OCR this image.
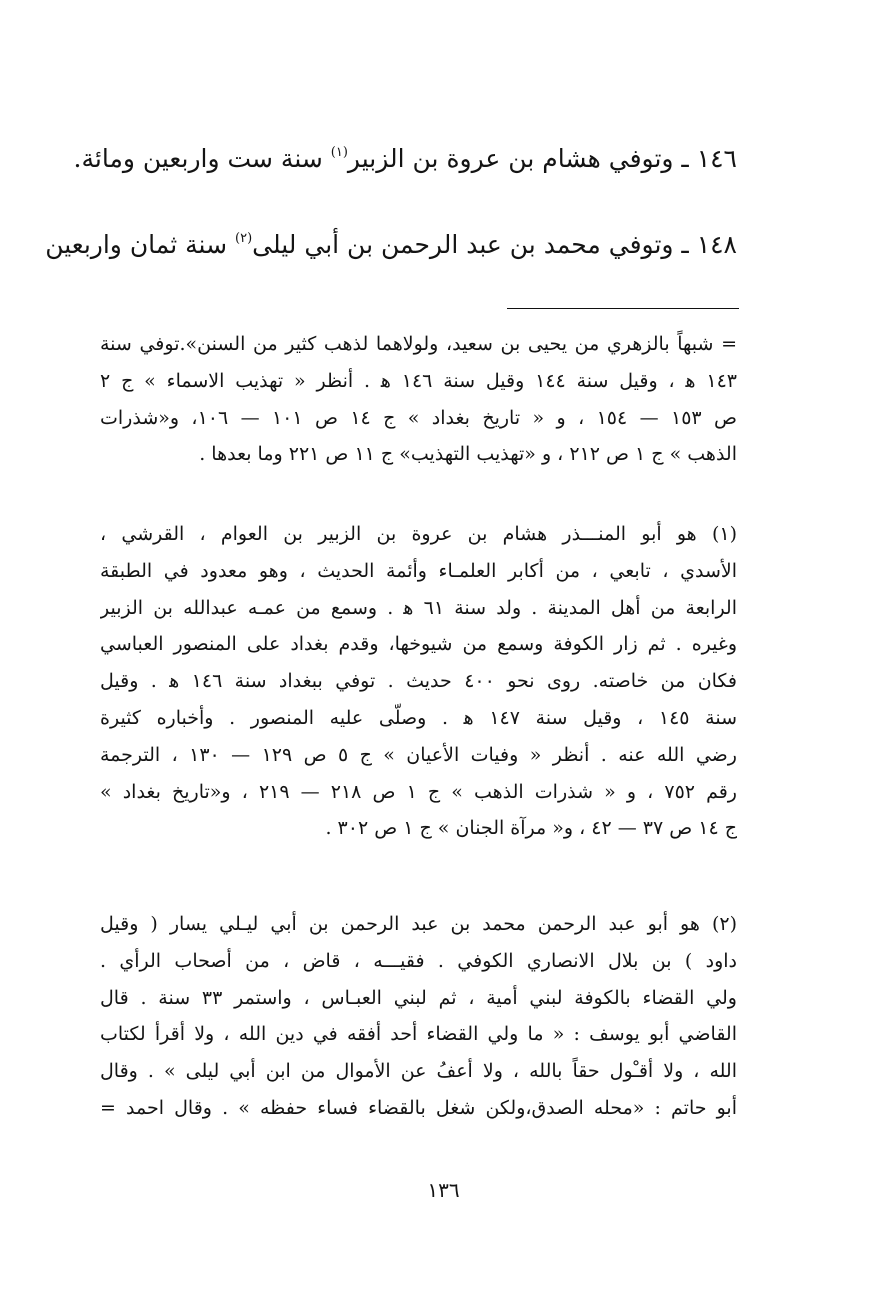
١٤٦ ـ وتوفي هشام بن عروة بن الزبير$^{(١)}$ سنة ست واربعين ومائة.
١٤٨ ـ وتوفي محمد بن عبد الرحمن بن أبي ليلى$^{(٢)}$ سنة ثمان واربعين
= شبهاً بالزهري من يحيى بن سعيد، ولولاهما لذهب كثير من السنن».توفي سنة
١٤٣ ﻫ ، وقيل سنة ١٤٤ وقيل سنة ١٤٦ ﻫ . أنظر « تهذيب الاسماء » ج ٢
ص ١٥٣ — ١٥٤ ، و « تاريخ بغداد » ج ١٤ ص ١٠١ — ١٠٦، و«شذرات
الذهب » ج ١ ص ٢١٢ ، و «تهذيب التهذيب» ج ١١ ص ٢٢١ وما بعدها .
(١) هو أبو المنـــذر هشام بن عروة بن الزبير بن العوام ، القرشي ،
الأسدي ، تابعي ، من أكابر العلمـاء وأئمة الحديث ، وهو معدود في الطبقة
الرابعة من أهل المدينة . ولد سنة ٦١ ﻫ . وسمع من عمـه عبدالله بن الزبير
وغيره . ثم زار الكوفة وسمع من شيوخها، وقدم بغداد على المنصور العباسي
فكان من خاصته. روى نحو ٤٠٠ حديث . توفي ببغداد سنة ١٤٦ ﻫ . وقيل
سنة ١٤٥ ، وقيل سنة ١٤٧ ﻫ . وصلّى عليه المنصور . وأخباره كثيرة
رضي الله عنه . أنظر « وفيات الأعيان » ج ٥ ص ١٢٩ — ١٣٠ ، الترجمة
رقم ٧٥٢ ، و « شذرات الذهب » ج ١ ص ٢١٨ — ٢١٩ ، و«تاريخ بغداد »
ج ١٤ ص ٣٧ — ٤٢ ، و« مرآة الجنان » ج ١ ص ٣٠٢ .
(٢) هو أبو عبد الرحمن محمد بن عبد الرحمن بن أبي ليـلي يسار ( وقيل
داود ) بن بلال الانصاري الكوفي . فقيـــه ، قاض ، من أصحاب الرأي .
ولي القضاء بالكوفة لبني أمية ، ثم لبني العبـاس ، واستمر ٣٣ سنة . قال
القاضي أبو يوسف : « ما ولي القضاء أحد أفقه في دين الله ، ولا أقرأ لكتاب
الله ، ولا أقـْول حقاً بالله ، ولا أعفُ عن الأموال من ابن أبي ليلى » . وقال
أبو حاتم : «محله الصدق،ولكن شغل بالقضاء فساء حفظه » . وقال احمد =
١٣٦
